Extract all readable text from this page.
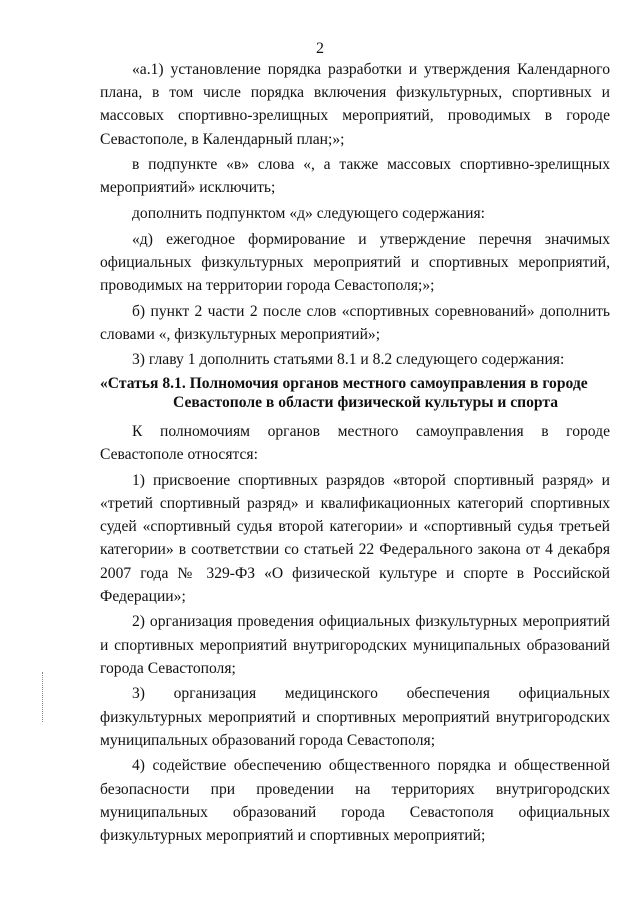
2

«а.1) установление порядка разработки и утверждения Календарного плана, в том числе порядка включения физкультурных, спортивных и массовых спортивно-зрелищных мероприятий, проводимых в городе Севастополе, в Календарный план;»;

в подпункте «в» слова «, а также массовых спортивно-зрелищных мероприятий» исключить;

дополнить подпунктом «д» следующего содержания:

«д) ежегодное формирование и утверждение перечня значимых официальных физкультурных мероприятий и спортивных мероприятий, проводимых на территории города Севастополя;»;

б) пункт 2 части 2 после слов «спортивных соревнований» дополнить словами «, физкультурных мероприятий»;

3) главу 1 дополнить статьями 8.1 и 8.2 следующего содержания:

«Статья 8.1. Полномочия органов местного самоуправления в городе
Севастополе в области физической культуры и спорта

К полномочиям органов местного самоуправления в городе Севастополе относятся:

1) присвоение спортивных разрядов «второй спортивный разряд» и «третий спортивный разряд» и квалификационных категорий спортивных судей «спортивный судья второй категории» и «спортивный судья третьей категории» в соответствии со статьей 22 Федерального закона от 4 декабря 2007 года № 329-ФЗ «О физической культуре и спорте в Российской Федерации»;

2) организация проведения официальных физкультурных мероприятий и спортивных мероприятий внутригородских муниципальных образований города Севастополя;

3) организация медицинского обеспечения официальных физкультурных мероприятий и спортивных мероприятий внутригородских муниципальных образований города Севастополя;

4) содействие обеспечению общественного порядка и общественной безопасности при проведении на территориях внутригородских муниципальных образований города Севастополя официальных физкультурных мероприятий и спортивных мероприятий;
